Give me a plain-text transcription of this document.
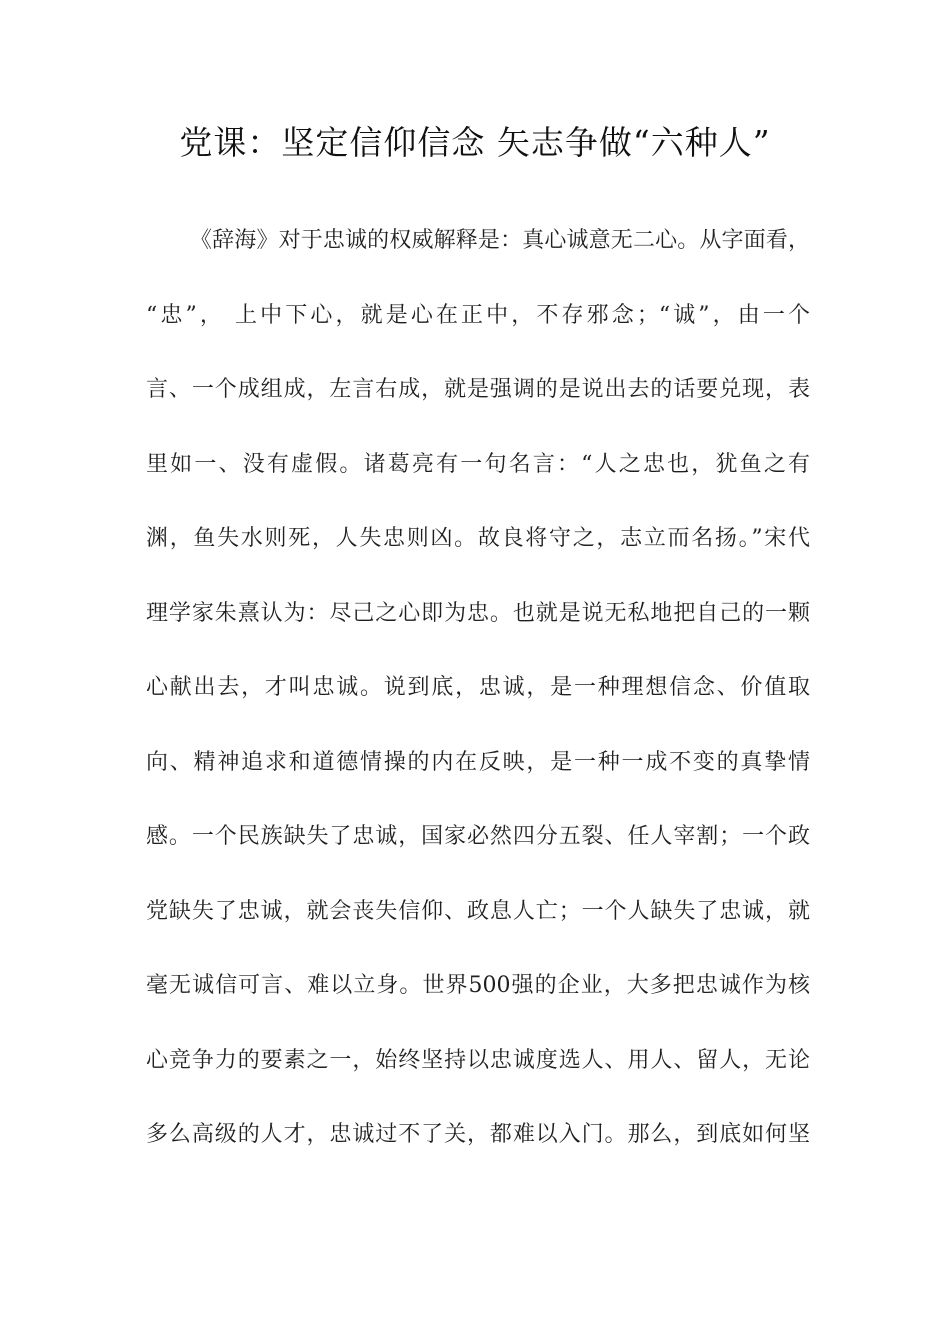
党课：坚定信仰信念 矢志争做“六种人”
《辞海》对于忠诚的权威解释是：真心诚意无二心。从字面看，
“忠”， 上中下心，就是心在正中，不存邪念；“诚”，由一个
言、一个成组成，左言右成，就是强调的是说出去的话要兑现，表
里如一、没有虚假。诸葛亮有一句名言：“人之忠也，犹鱼之有
渊，鱼失水则死，人失忠则凶。故良将守之，志立而名扬。”宋代
理学家朱熹认为：尽己之心即为忠。也就是说无私地把自己的一颗
心献出去，才叫忠诚。说到底，忠诚，是一种理想信念、价值取
向、精神追求和道德情操的内在反映，是一种一成不变的真挚情
感。一个民族缺失了忠诚，国家必然四分五裂、任人宰割；一个政
党缺失了忠诚，就会丧失信仰、政息人亡；一个人缺失了忠诚，就
毫无诚信可言、难以立身。世界500强的企业，大多把忠诚作为核
心竞争力的要素之一，始终坚持以忠诚度选人、用人、留人，无论
多么高级的人才，忠诚过不了关，都难以入门。那么，到底如何坚
